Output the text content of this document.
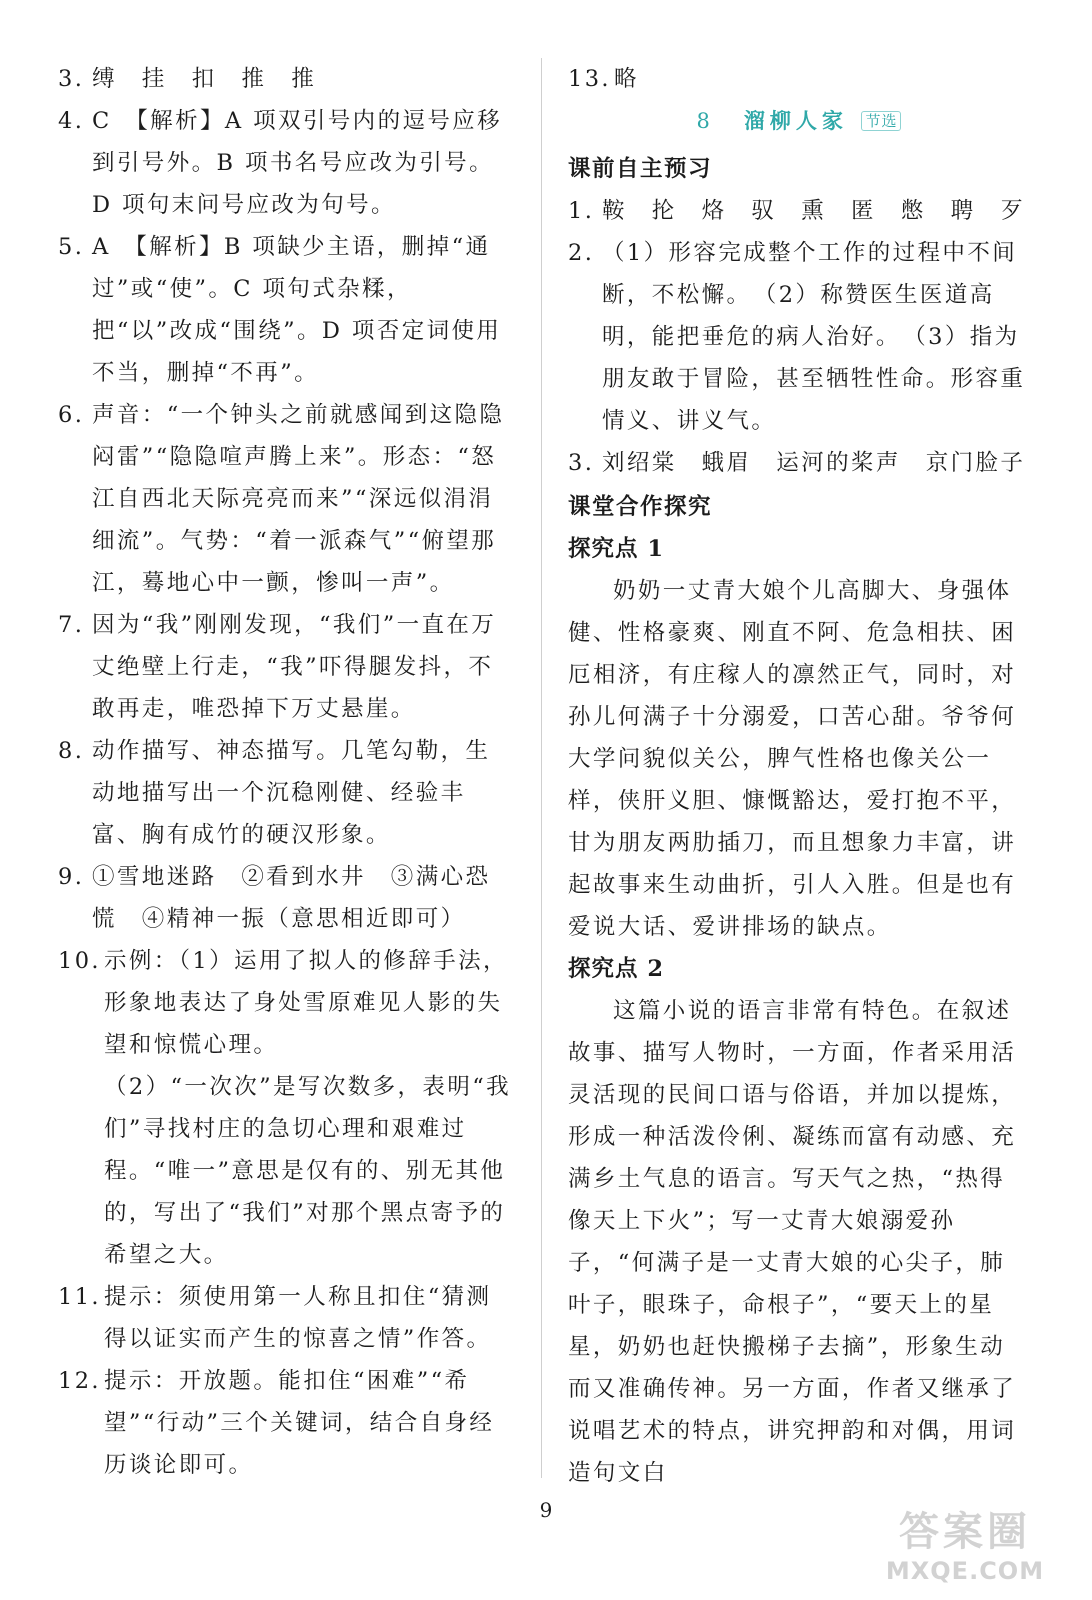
3. 缚　挂　扣　推　推
4. C　【解析】A 项双引号内的逗号应移到引号外。B 项书名号应改为引号。D 项句末问号应改为句号。
5. A　【解析】B 项缺少主语，删掉“通过”或“使”。C 项句式杂糅，把“以”改成“围绕”。D 项否定词使用不当，删掉“不再”。
6. 声音：“一个钟头之前就感闻到这隐隐闷雷”“隐隐喧声腾上来”。形态：“怒江自西北天际亮亮而来”“深远似涓涓细流”。气势：“着一派森气”“俯望那江，蓦地心中一颤，惨叫一声”。
7. 因为“我”刚刚发现，“我们”一直在万丈绝壁上行走，“我”吓得腿发抖，不敢再走，唯恐掉下万丈悬崖。
8. 动作描写、神态描写。几笔勾勒，生动地描写出一个沉稳刚健、经验丰富、胸有成竹的硬汉形象。
9. ①雪地迷路　②看到水井　③满心恐慌　④精神一振（意思相近即可）
10. 示例：（1）运用了拟人的修辞手法，形象地表达了身处雪原难见人影的失望和惊慌心理。

（2）“一次次”是写次数多，表明“我们”寻找村庄的急切心理和艰难过程。“唯一”意思是仅有的、别无其他的，写出了“我们”对那个黑点寄予的希望之大。

11. 提示：须使用第一人称且扣住“猜测得以证实而产生的惊喜之情”作答。
12. 提示：开放题。能扣住“困难”“希望”“行动”三个关键词，结合自身经历谈论即可。
13. 略
8 溜柳人家 节选

课前自主预习

1. 鞍　抡　烙　驭　熏　匿　憋　聘　歹
2. （1）形容完成整个工作的过程中不间断，不松懈。　（2）称赞医生医道高明，能把垂危的病人治好。　（3）指为朋友敢于冒险，甚至牺牲性命。形容重情义、讲义气。
3. 刘绍棠　蛾眉　运河的桨声　京门脸子

课堂合作探究

探究点 1

奶奶一丈青大娘个儿高脚大、身强体健、性格豪爽、刚直不阿、危急相扶、困厄相济，有庄稼人的凛然正气，同时，对孙儿何满子十分溺爱，口苦心甜。爷爷何大学问貌似关公，脾气性格也像关公一样，侠肝义胆、慷慨豁达，爱打抱不平，甘为朋友两肋插刀，而且想象力丰富，讲起故事来生动曲折，引人入胜。但是也有爱说大话、爱讲排场的缺点。

探究点 2

这篇小说的语言非常有特色。在叙述故事、描写人物时，一方面，作者采用活灵活现的民间口语与俗语，并加以提炼，形成一种活泼伶俐、凝练而富有动感、充满乡土气息的语言。写天气之热，“热得像天上下火”；写一丈青大娘溺爱孙子，“何满子是一丈青大娘的心尖子，肺叶子，眼珠子，命根子”，“要天上的星星，奶奶也赶快搬梯子去摘”，形象生动而又准确传神。另一方面，作者又继承了说唱艺术的特点，讲究押韵和对偶，用词造句文白

9	答案圈
MXQE.COM
